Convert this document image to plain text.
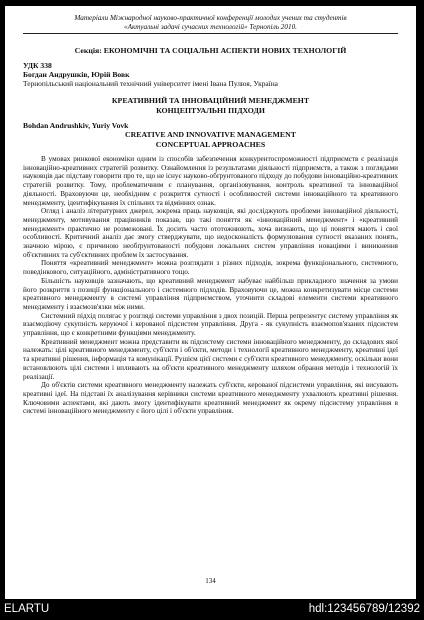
Матеріали Міжнародної науково-практичної конференції молодих учених та студентів
«Актуальні задачі сучасних технологій» Тернопіль 2010.
Секція: ЕКОНОМІЧНІ ТА СОЦІАЛЬНІ АСПЕКТИ НОВИХ ТЕХНОЛОГІЙ
УДК 338
Богдан Андрушків, Юрій Вовк
Тернопільський національний технічний університет імені Івана Пулюя, Україна
КРЕАТИВНИЙ ТА ІННОВАЦІЙНИЙ МЕНЕДЖМЕНТ
КОНЦЕПТУАЛЬНІ ПІДХОДИ
Bohdan Andrushkiv, Yuriy Vovk
CREATIVE AND INNOVATIVE MANAGEMENT
CONCEPTUAL APPROACHES

В умовах ринкової економіки одним із способів забезпечення конкурентоспроможності підприємств є реалізація інноваційно-креативних стратегій розвитку. Ознайомлення із результатами діяльності підприємств, а також з поглядами науковців дає підставу говорити про те, що не існує науково-обґрунтованого підходу до побудови інноваційно-креативних стратегій розвитку. Тому, проблематичним є планування, організовування, контроль креативної та інноваційної діяльності. Враховуючи це, необхідним є розкриття сутності і особливостей системи інноваційного та креативного менеджменту, ідентифікування їх спільних та відмінних ознак.

Огляд і аналіз літературних джерел, зокрема праць науковців, які досліджують проблеми інноваційної діяльності, менеджменту, мотивування працівників показав, що такі поняття як «інноваційний менеджмент» і «креативний менеджмент» практично не розмежовані. Їх досить часто ототожнюють, хоча визнають, що ці поняття мають і свої особливості. Критичний аналіз дає змогу стверджувати, що недосконалість формулювання сутності вказаних понять, значною мірою, є причиною необґрунтованості побудови локальних систем управління новаціями і виникнення об'єктивних та суб'єктивних проблем їх застосування.

Поняття «креативний менеджмент» можна розглядати з різних підходів, зокрема функціонального, системного, поведінкового, ситуаційного, адміністративного тощо.

Більшість науковців зазначають, що креативний менеджмент набуває найбільш прикладного значення за умови його розкриття з позиції функціонального і системного підходів. Враховуючи це, можна конкретизувати місце системи креативного менеджменту в системі управління підприємством, уточнити складові елементи системи креативного менеджменту і взаємозв'язки між ними.

Системний підхід полягає у розгляді системи управління з двох позицій. Перша репрезентує систему управління як взаємодіючу сукупність керуючої і керованої підсистем управління. Друга - як сукупність взаємопов'язаних підсистем управління, що є конкретними функціями менеджменту.

Креативний менеджмент можна представити як підсистему системи інноваційного менеджменту, до складових якої належать: цілі креативного менеджменту, суб'єкти і об'єкти, методи і технології креативного менеджменту, креативні ідеї та креативні рішення, інформація та комунікації. Рушієм цієї системи є суб'єкти креативного менеджменту, оскільки вони встановлюють цілі системи і впливають на об'єкти креативного менеджменту шляхом обрання методів і технологій їх реалізації.

До об'єктів системи креативного менеджменту належать суб'єкти, керованої підсистеми управління, які висувають креативні ідеї. На підставі їх аналізування керівники системи креативного менеджменту ухвалюють креативні рішення. Ключовими аспектами, які дають змогу ідентифікувати креативний менеджмент як окрему підсистему управління в системі інноваційного менеджменту є його цілі і об'єкти управління.

134
ELARTU	hdl:123456789/12392
